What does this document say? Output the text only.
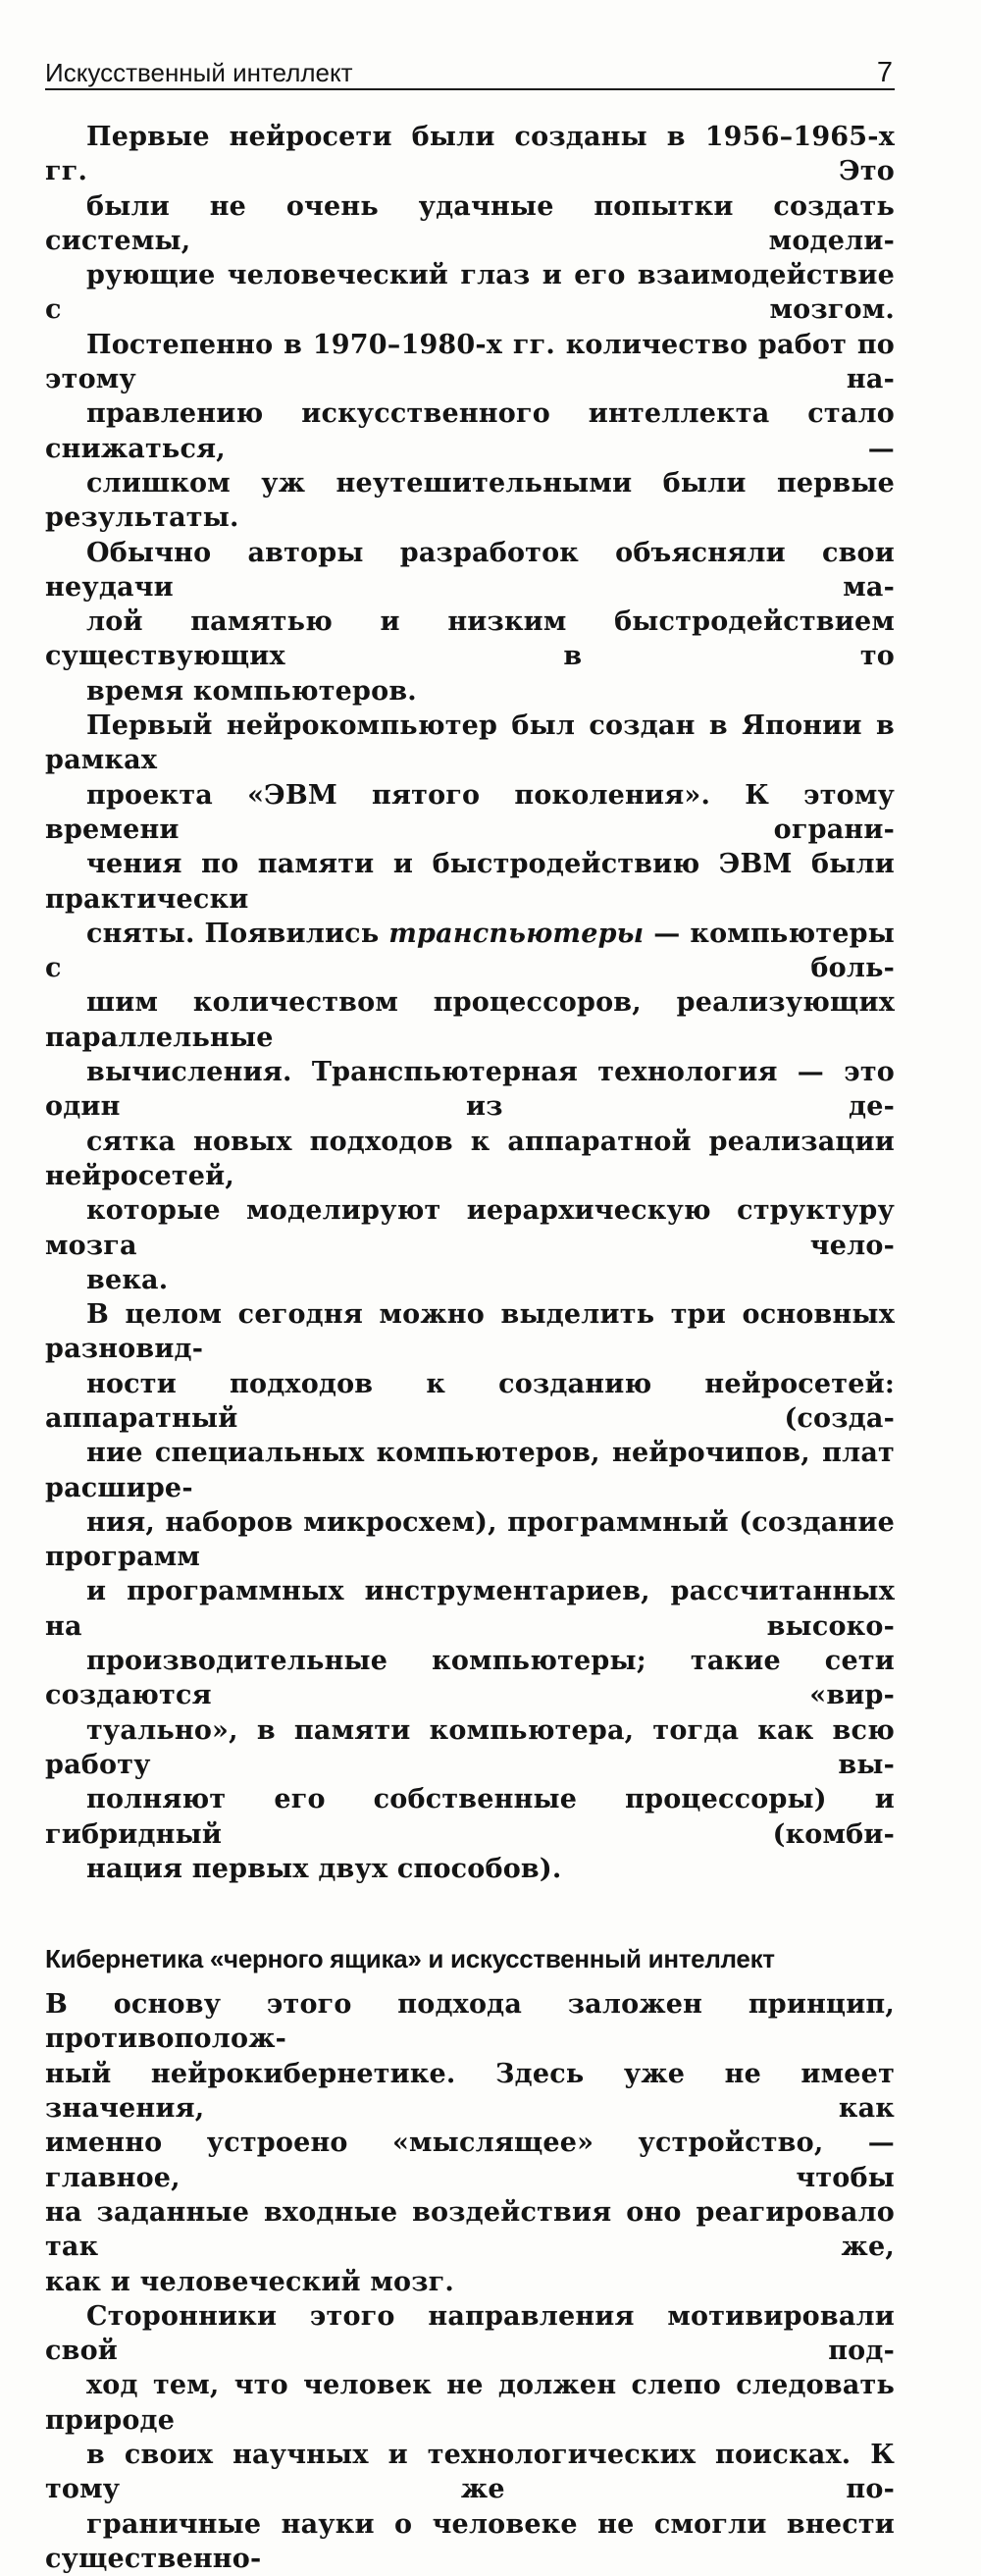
Искусственный интеллект	7

Первые нейросети были созданы в 1956–1965-х гг. Это
были не очень удачные попытки создать системы, модели-
рующие человеческий глаз и его взаимодействие с мозгом.
Постепенно в 1970–1980-х гг. количество работ по этому на-
правлению искусственного интеллекта стало снижаться, —
слишком уж неутешительными были первые результаты.

Обычно авторы разработок объясняли свои неудачи ма-
лой памятью и низким быстродействием существующих в то
время компьютеров.

Первый нейрокомпьютер был создан в Японии в рамках
проекта «ЭВМ пятого поколения». К этому времени ограни-
чения по памяти и быстродействию ЭВМ были практически
сняты. Появились транспьютеры — компьютеры с боль-
шим количеством процессоров, реализующих параллельные
вычисления. Транспьютерная технология — это один из де-
сятка новых подходов к аппаратной реализации нейросетей,
которые моделируют иерархическую структуру мозга чело-
века.

В целом сегодня можно выделить три основных разновид-
ности подходов к созданию нейросетей: аппаратный (созда-
ние специальных компьютеров, нейрочипов, плат расшире-
ния, наборов микросхем), программный (создание программ
и программных инструментариев, рассчитанных на высоко-
производительные компьютеры; такие сети создаются «вир-
туально», в памяти компьютера, тогда как всю работу вы-
полняют его собственные процессоры) и гибридный (комби-
нация первых двух способов).

Кибернетика «черного ящика» и искусственный интеллект

В основу этого подхода заложен принцип, противополож-
ный нейрокибернетике. Здесь уже не имеет значения, как
именно устроено «мыслящее» устройство, — главное, чтобы
на заданные входные воздействия оно реагировало так же,
как и человеческий мозг.

Сторонники этого направления мотивировали свой под-
ход тем, что человек не должен слепо следовать природе
в своих научных и технологических поисках. К тому же по-
граничные науки о человеке не смогли внести существенно-
